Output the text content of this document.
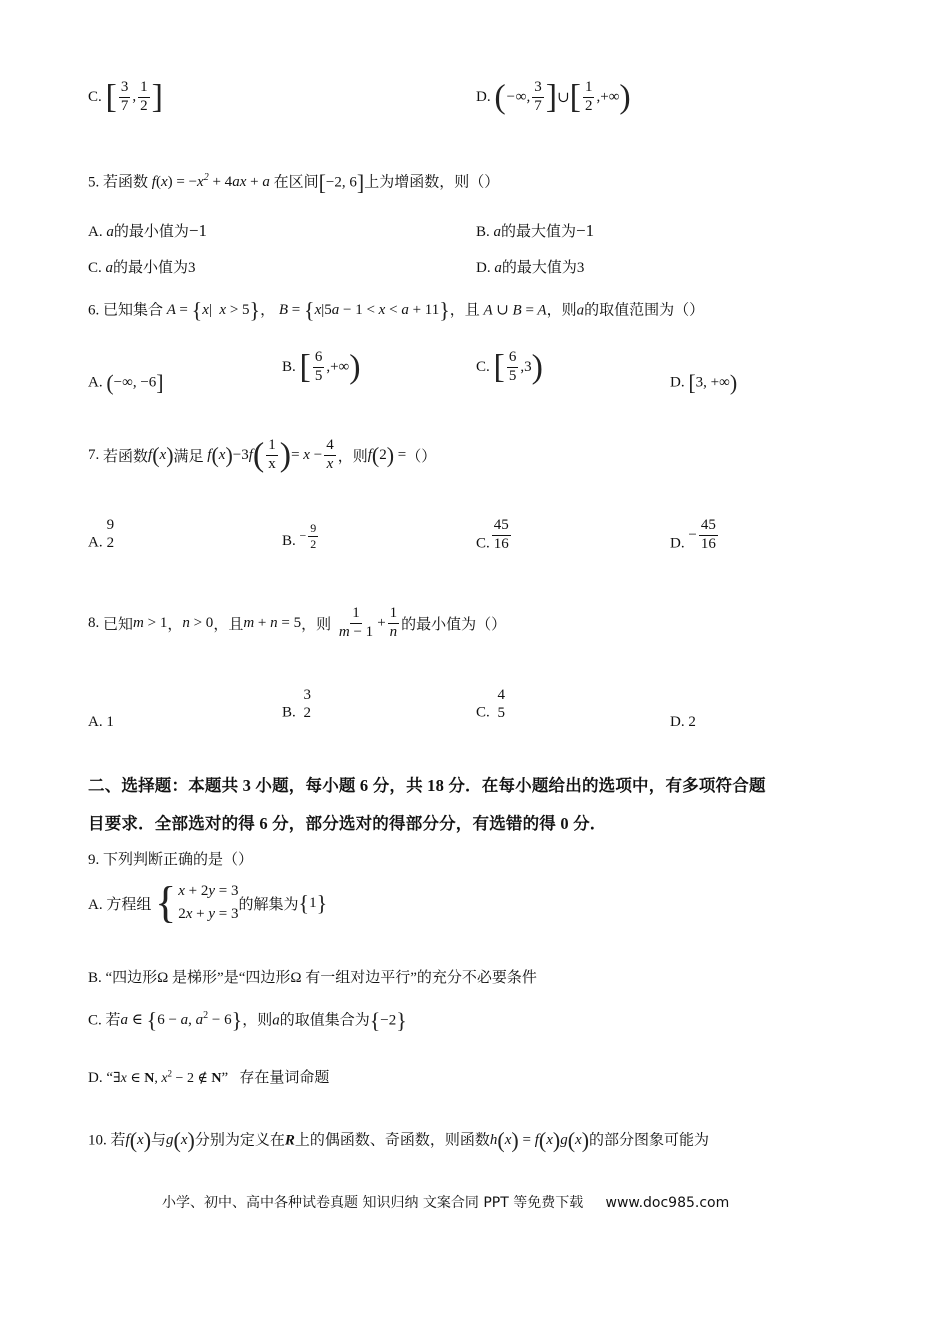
C. [ $\frac{3}{7}$ , $\frac{1}{2}$ ]	D. (−∞, $\frac{3}{7}$ ]∪[ $\frac{1}{2}$ ,+∞)
5. 若函数 $f(x) = -x^2 + 4ax + a$ 在区间[−2, 6]上为增函数，则（）
A. a的最小值为−1	B. a的最大值为−1
C. a的最小值为3	D. a的最大值为3
6. 已知集合 A = {x|  x > 5}， B = {x|5a − 1 < x < a + 11}，且 A ∪ B = A，则a的取值范围为（）
A. (−∞, −6]
B. [ $\frac{6}{5}$ ,+∞)	C. [ $\frac{6}{5} ,3$)	D. [3, +∞)
7. 若函数f(x)满足 $f(x)-3f( \frac{1}{x}$ )= $x - \frac{4}{x}$ ，则f(2) =（）
A.
9
2	B. − $\frac{9}{2}$	C. $\frac{45}{16}$	D. − $\frac{45}{16}$
8. 已知m > 1，n > 0，且m + n = 5，则 $\frac{1}{m - 1} + \frac{1}{n}$ 的最小值为（）
A. 1
B.
3
2	C.
4
5
D. 2
二、选择题：本题共 3 小题，每小题 6 分，共 18 分．在每小题给出的选项中，有多项符合题
目要求．全部选对的得 6 分，部分选对的得部分分，有选错的得 0 分．
9. 下列判断正确的是（）
A. 方程组 { x + 2y = 3
2x + y = 3
的解集为{1}
B. “四边形Ω 是梯形”是“四边形Ω 有一组对边平行”的充分不必要条件
C. 若a ∈ {6 − a, $a^2 - 6$}，则a的取值集合为{−2}
D. “∃x ∈ N, $x^2 - 2$ ∉ N” 存在量词命题
10. 若f(x)与g(x)分别为定义在R上的偶函数、奇函数，则函数h(x) = f(x)g(x)的部分图象可能为
小学、初中、高中各种试卷真题 知识归纳 文案合同 PPT 等免费下载 www.doc985.com
